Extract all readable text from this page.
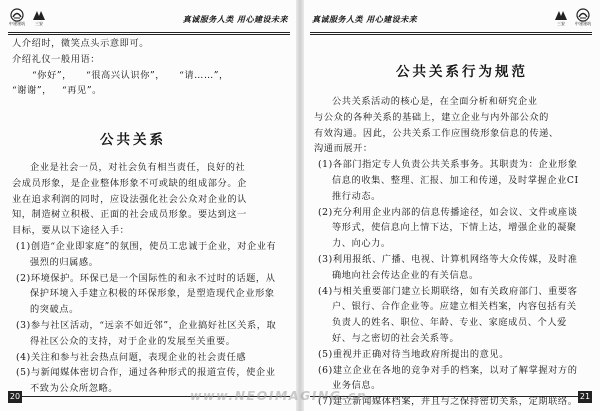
中建建筑	三安
真诚服务人类 用心建设未来
人介绍时，微笑点头示意即可。
介绍礼仪一般用语：
“你好”， “很高兴认识你”， “请……”，
“谢谢”， “再见”。
公共关系
企业是社会一员，对社会负有相当责任，良好的社
会成员形象，是企业整体形象不可或缺的组成部分。企
业在追求利润的同时，应设法强化社会公众对企业的认
知，制造树立积极、正面的社会成员形象。要达到这一
目标，要从以下途径入手：
(1)创造“企业即家庭”的氛围，使员工忠诚于企业，对企业有强烈的归属感。
(2)环境保护。环保已是一个国际性的和永不过时的话题，从保护环境入手建立积极的环保形象，是塑造现代企业形象的突破点。
(3)参与社区活动，“远亲不如近邻”，企业搞好社区关系，取得社区公众的支持，对于企业的发展至关重要。
(4)关注和参与社会热点问题，表现企业的社会责任感
(5)与新闻媒体密切合作，通过各种形式的报道宣传，使企业不致为公众所忽略。
20
真诚服务人类 用心建设未来
三安	中建建筑
公共关系行为规范
公共关系活动的核心是，在全面分析和研究企业
与公众的各种关系的基础上，建立企业与内外部公众的
有效沟通。因此，公共关系工作应围绕形象信息的传递、
沟通而展开：
(1)各部门指定专人负责公共关系事务。其职责为：企业形象信息的收集、整理、汇报、加工和传递，及时掌握企业CI推行动态。
(2)充分利用企业内部的信息传播途径，如会议、文件或座谈等形式，使信息向上情下达，下情上达，增强企业的凝聚力、向心力。
(3)利用报纸、广播、电视、计算机网络等大众传媒，及时准确地向社会传达企业的有关信息。
(4)与相关重要部门建立长期联络，如有关政府部门、重要客户、银行、合作企业等。应建立相关档案，内容包括有关负责人的姓名、职位、年龄、专业、家庭成员、个人爱好、与之密切的社会关系等。
(5)重视并正确对待当地政府所提出的意见。
(6)建立企业在各地的竞争对手的档案，以对了解掌握对方的业务信息。
(7)建立新闻媒体档案，并且与之保持密切关系，定期联络。 21
www.NEOIMAGING.cn
